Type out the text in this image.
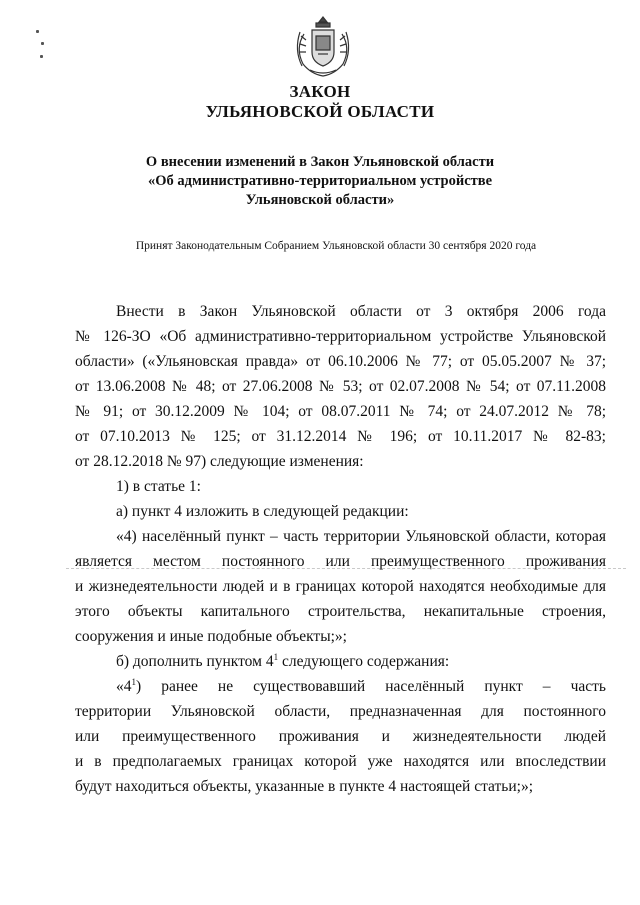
ЗАКОН
УЛЬЯНОВСКОЙ ОБЛАСТИ
О внесении изменений в Закон Ульяновской области
«Об административно-территориальном устройстве
Ульяновской области»
Принят Законодательным Собранием Ульяновской области 30 сентября 2020 года

Внести в Закон Ульяновской области от 3 октября 2006 года

№ 126-ЗО «Об административно-территориальном устройстве Ульяновской

области» («Ульяновская правда» от 06.10.2006 № 77; от 05.05.2007 № 37;

от 13.06.2008 № 48; от 27.06.2008 № 53; от 02.07.2008 № 54; от 07.11.2008

№ 91; от 30.12.2009 № 104; от 08.07.2011 № 74; от 24.07.2012 № 78;

от 07.10.2013 № 125; от 31.12.2014 № 196; от 10.11.2017 № 82-83;

от 28.12.2018 № 97) следующие изменения:

1) в статье 1:

а) пункт 4 изложить в следующей редакции:

«4) населённый пункт – часть территории Ульяновской области, которая

является местом постоянного или преимущественного проживания

и жизнедеятельности людей и в границах которой находятся необходимые для

этого объекты капитального строительства, некапитальные строения,

сооружения и иные подобные объекты;»;

б) дополнить пунктом $4^1$ следующего содержания:

«$4^1$) ранее не существовавший населённый пункт – часть

территории Ульяновской области, предназначенная для постоянного

или преимущественного проживания и жизнедеятельности людей

и в предполагаемых границах которой уже находятся или впоследствии

будут находиться объекты, указанные в пункте 4 настоящей статьи;»;
